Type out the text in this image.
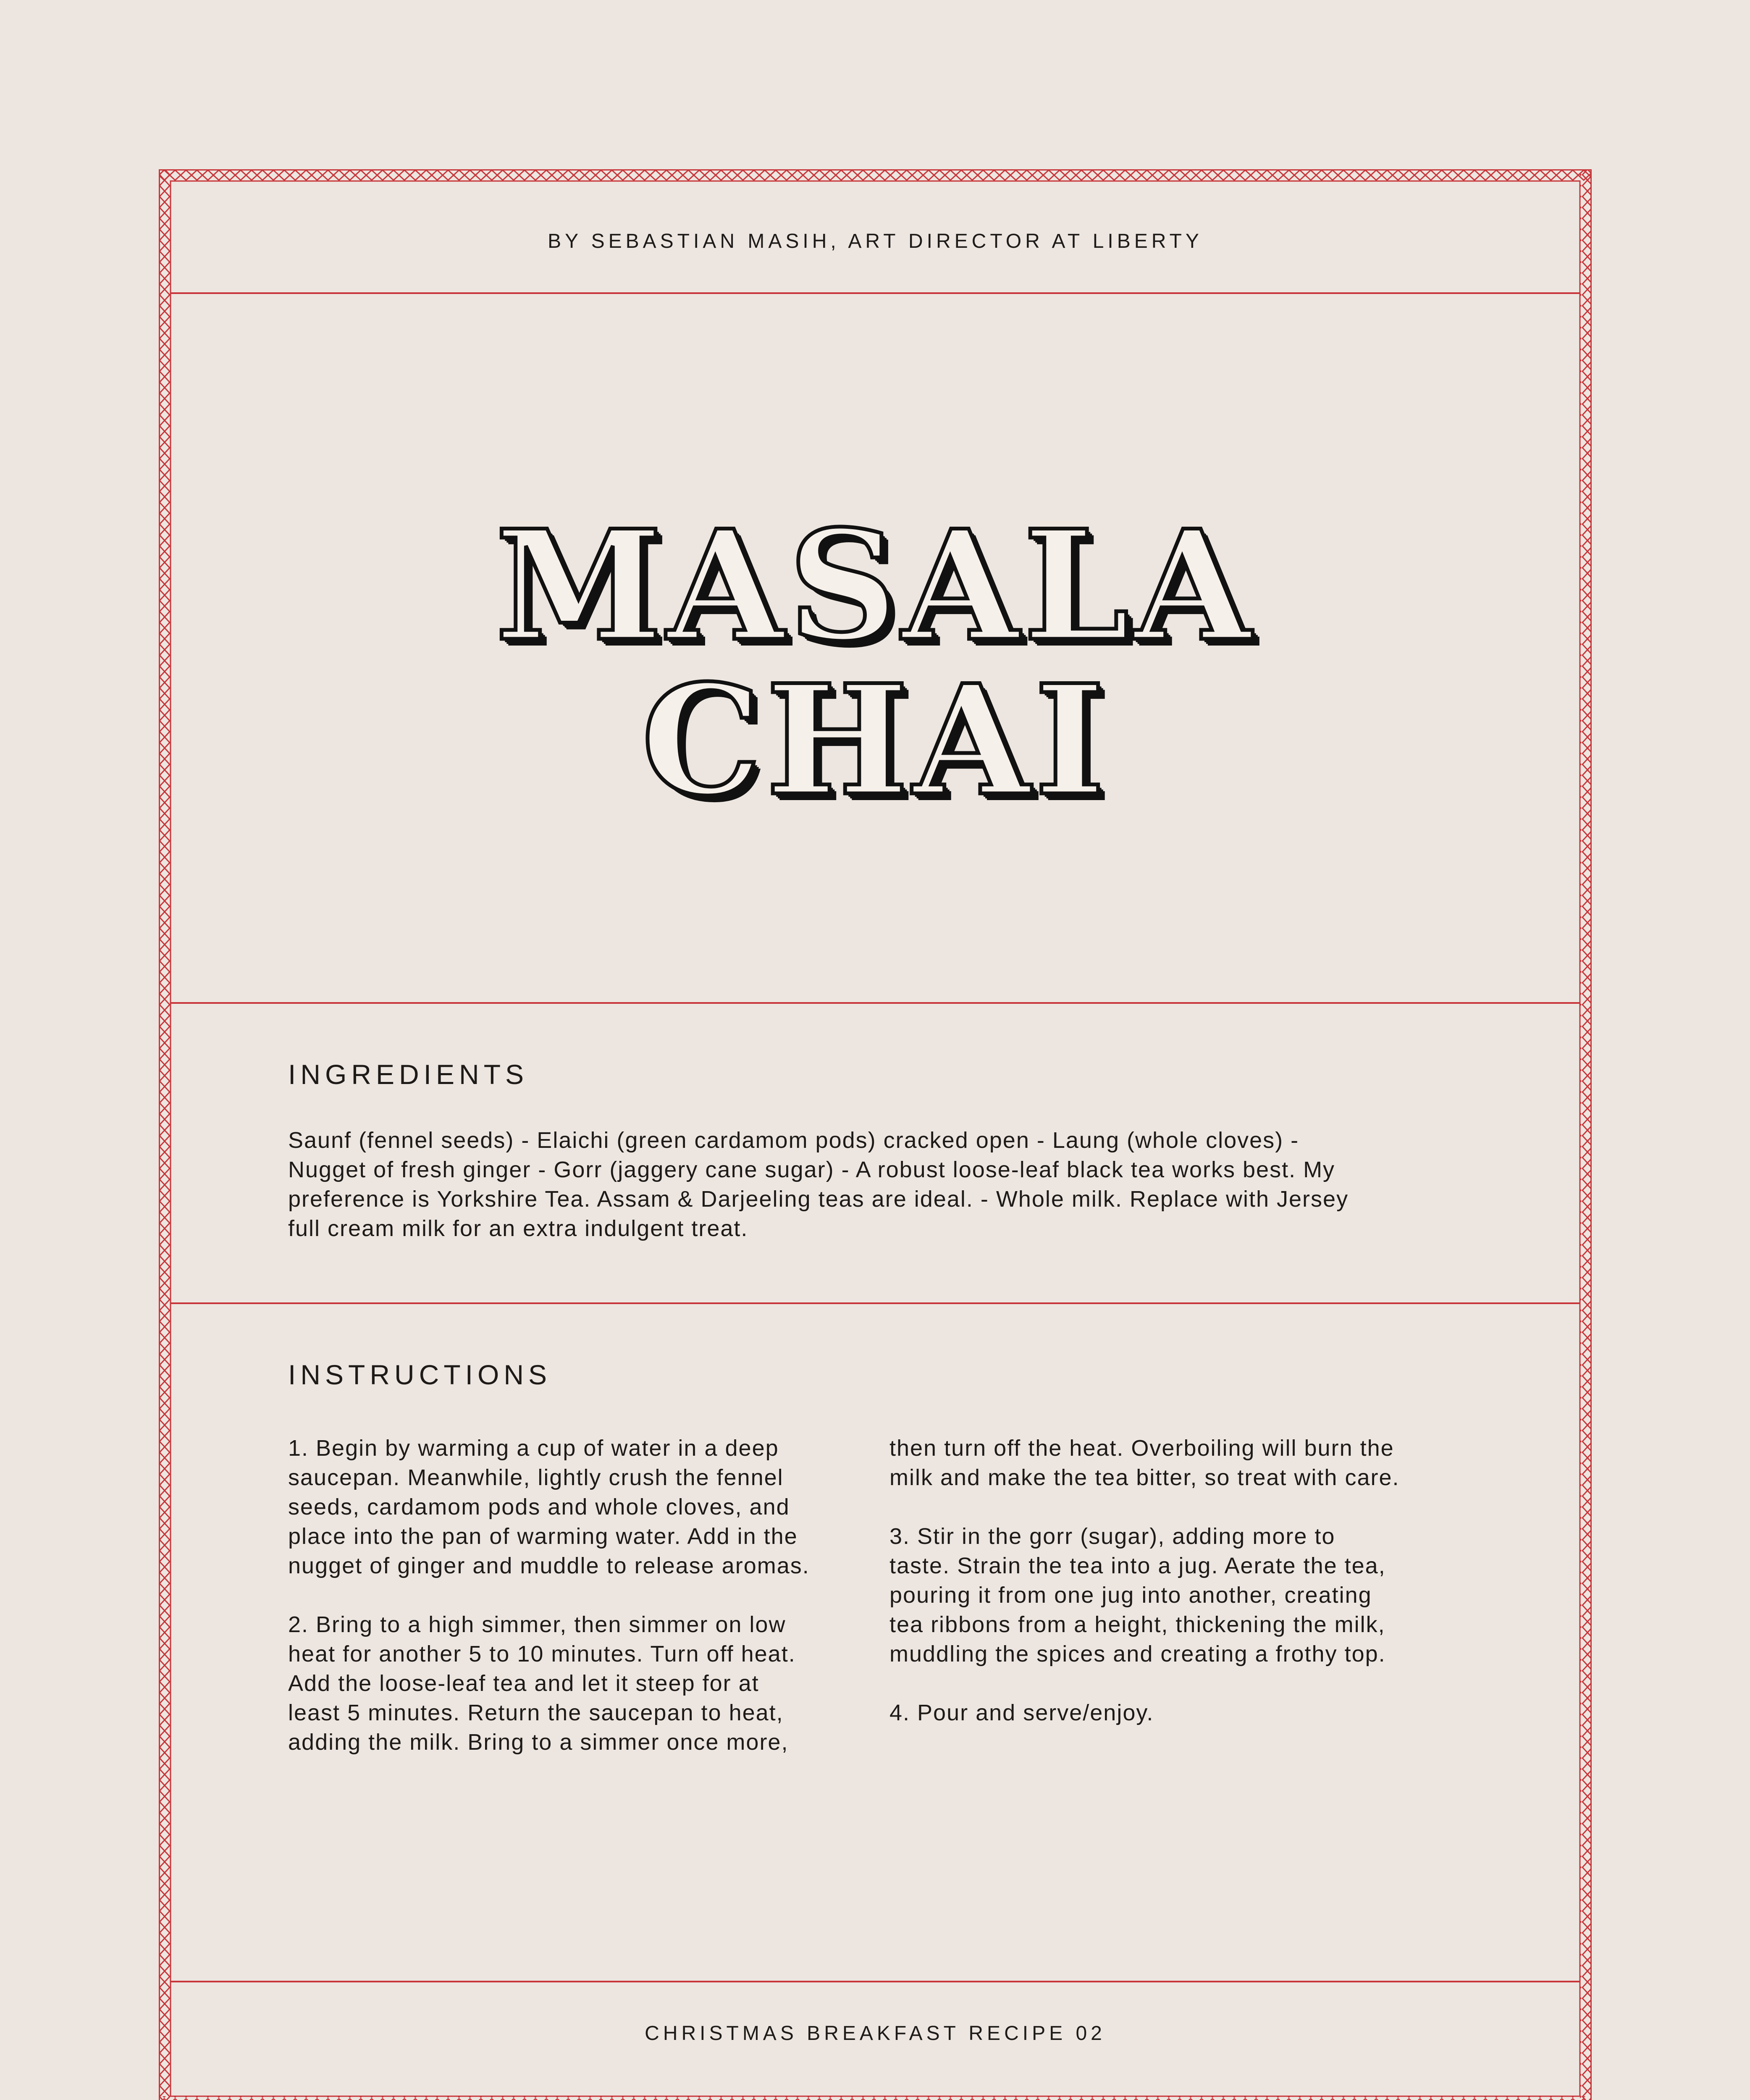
BY SEBASTIAN MASIH, ART DIRECTOR AT LIBERTY
MASALA
CHAI
INGREDIENTS
Saunf (fennel seeds) - Elaichi (green cardamom pods) cracked open - Laung (whole cloves) -
Nugget of fresh ginger - Gorr (jaggery cane sugar) - A robust loose-leaf black tea works best. My
preference is Yorkshire Tea. Assam & Darjeeling teas are ideal. - Whole milk. Replace with Jersey
full cream milk for an extra indulgent treat.
INSTRUCTIONS
1. Begin by warming a cup of water in a deep
saucepan. Meanwhile, lightly crush the fennel
seeds, cardamom pods and whole cloves, and
place into the pan of warming water. Add in the
nugget of ginger and muddle to release aromas.

2. Bring to a high simmer, then simmer on low
heat for another 5 to 10 minutes. Turn off heat.
Add the loose-leaf tea and let it steep for at
least 5 minutes. Return the saucepan to heat,
adding the milk. Bring to a simmer once more,
then turn off the heat. Overboiling will burn the
milk and make the tea bitter, so treat with care.

3. Stir in the gorr (sugar), adding more to
taste. Strain the tea into a jug. Aerate the tea,
pouring it from one jug into another, creating
tea ribbons from a height, thickening the milk,
muddling the spices and creating a frothy top.

4. Pour and serve/enjoy.
CHRISTMAS BREAKFAST RECIPE 02
